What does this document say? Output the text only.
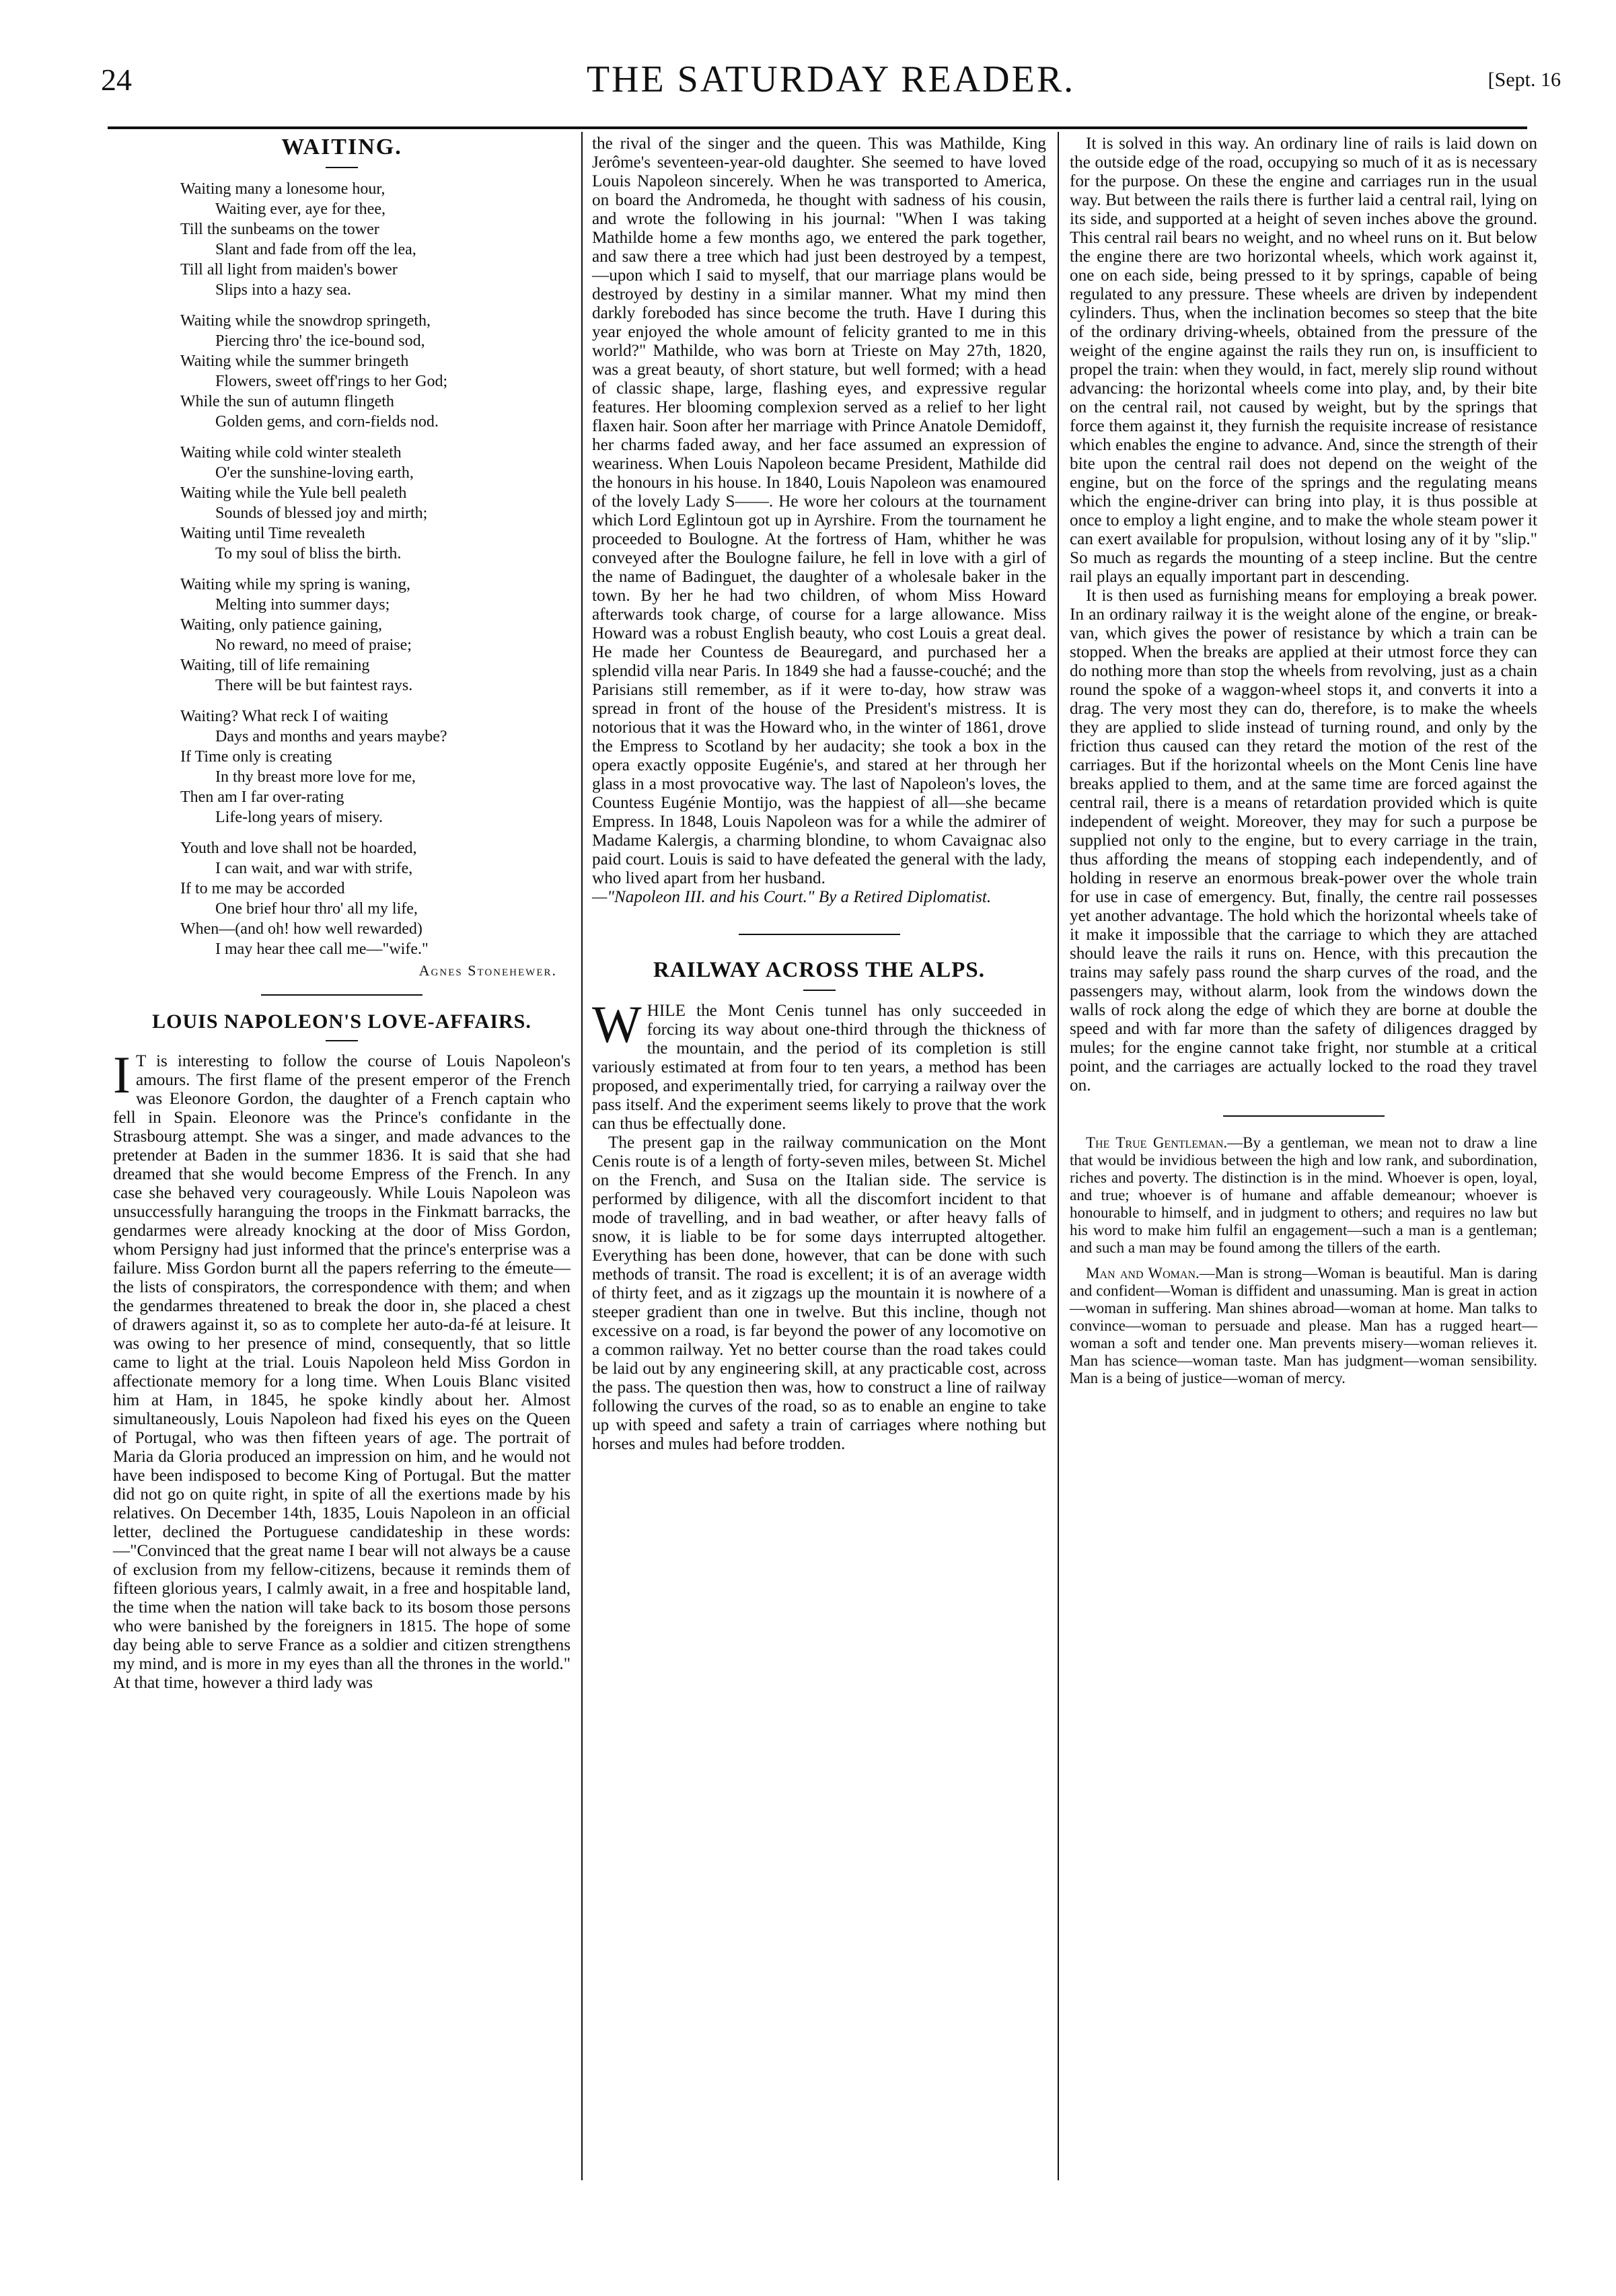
24	THE SATURDAY READER.	[Sept. 16
WAITING.
Waiting many a lonesome hour,
Waiting ever, aye for thee,
Till the sunbeams on the tower
Slant and fade from off the lea,
Till all light from maiden's bower
Slips into a hazy sea.
Waiting while the snowdrop springeth,
Piercing thro' the ice-bound sod,
Waiting while the summer bringeth
Flowers, sweet off'rings to her God;
While the sun of autumn flingeth
Golden gems, and corn-fields nod.
Waiting while cold winter stealeth
O'er the sunshine-loving earth,
Waiting while the Yule bell pealeth
Sounds of blessed joy and mirth;
Waiting until Time revealeth
To my soul of bliss the birth.
Waiting while my spring is waning,
Melting into summer days;
Waiting, only patience gaining,
No reward, no meed of praise;
Waiting, till of life remaining
There will be but faintest rays.
Waiting? What reck I of waiting
Days and months and years maybe?
If Time only is creating
In thy breast more love for me,
Then am I far over-rating
Life-long years of misery.
Youth and love shall not be hoarded,
I can wait, and war with strife,
If to me may be accorded
One brief hour thro' all my life,
When—(and oh! how well rewarded)
I may hear thee call me—"wife."

Agnes Stonehewer.

LOUIS NAPOLEON'S LOVE-AFFAIRS.

I T is interesting to follow the course of Louis Napoleon's amours. The first flame of the present emperor of the French was Eleonore Gordon, the daughter of a French captain who fell in Spain. Eleonore was the Prince's confidante in the Strasbourg attempt. She was a singer, and made advances to the pretender at Baden in the summer 1836. It is said that she had dreamed that she would become Empress of the French. In any case she behaved very courageously. While Louis Napoleon was unsuccessfully haranguing the troops in the Finkmatt barracks, the gendarmes were already knocking at the door of Miss Gordon, whom Persigny had just informed that the prince's enterprise was a failure. Miss Gordon burnt all the papers referring to the émeute—the lists of conspirators, the correspondence with them; and when the gendarmes threatened to break the door in, she placed a chest of drawers against it, so as to complete her auto-da-fé at leisure. It was owing to her presence of mind, consequently, that so little came to light at the trial. Louis Napoleon held Miss Gordon in affectionate memory for a long time. When Louis Blanc visited him at Ham, in 1845, he spoke kindly about her. Almost simultaneously, Louis Napoleon had fixed his eyes on the Queen of Portugal, who was then fifteen years of age. The portrait of Maria da Gloria produced an impression on him, and he would not have been indisposed to become King of Portugal. But the matter did not go on quite right, in spite of all the exertions made by his relatives. On December 14th, 1835, Louis Napoleon in an official letter, declined the Portuguese candidateship in these words:—"Convinced that the great name I bear will not always be a cause of exclusion from my fellow-citizens, because it reminds them of fifteen glorious years, I calmly await, in a free and hospitable land, the time when the nation will take back to its bosom those persons who were banished by the foreigners in 1815. The hope of some day being able to serve France as a soldier and citizen strengthens my mind, and is more in my eyes than all the thrones in the world." At that time, however a third lady was

the rival of the singer and the queen. This was Mathilde, King Jerôme's seventeen-year-old daughter. She seemed to have loved Louis Napoleon sincerely. When he was transported to America, on board the Andromeda, he thought with sadness of his cousin, and wrote the following in his journal: "When I was taking Mathilde home a few months ago, we entered the park together, and saw there a tree which had just been destroyed by a tempest,—upon which I said to myself, that our marriage plans would be destroyed by destiny in a similar manner. What my mind then darkly foreboded has since become the truth. Have I during this year enjoyed the whole amount of felicity granted to me in this world?" Mathilde, who was born at Trieste on May 27th, 1820, was a great beauty, of short stature, but well formed; with a head of classic shape, large, flashing eyes, and expressive regular features. Her blooming complexion served as a relief to her light flaxen hair. Soon after her marriage with Prince Anatole Demidoff, her charms faded away, and her face assumed an expression of weariness. When Louis Napoleon became President, Mathilde did the honours in his house. In 1840, Louis Napoleon was enamoured of the lovely Lady S——. He wore her colours at the tournament which Lord Eglintoun got up in Ayrshire. From the tournament he proceeded to Boulogne. At the fortress of Ham, whither he was conveyed after the Boulogne failure, he fell in love with a girl of the name of Badinguet, the daughter of a wholesale baker in the town. By her he had two children, of whom Miss Howard afterwards took charge, of course for a large allowance. Miss Howard was a robust English beauty, who cost Louis a great deal. He made her Countess de Beauregard, and purchased her a splendid villa near Paris. In 1849 she had a fausse-couché; and the Parisians still remember, as if it were to-day, how straw was spread in front of the house of the President's mistress. It is notorious that it was the Howard who, in the winter of 1861, drove the Empress to Scotland by her audacity; she took a box in the opera exactly opposite Eugénie's, and stared at her through her glass in a most provocative way. The last of Napoleon's loves, the Countess Eugénie Montijo, was the happiest of all—she became Empress. In 1848, Louis Napoleon was for a while the admirer of Madame Kalergis, a charming blondine, to whom Cavaignac also paid court. Louis is said to have defeated the general with the lady, who lived apart from her husband.

—"Napoleon III. and his Court." By a Retired Diplomatist.

RAILWAY ACROSS THE ALPS.

WHILE the Mont Cenis tunnel has only succeeded in forcing its way about one-third through the thickness of the mountain, and the period of its completion is still variously estimated at from four to ten years, a method has been proposed, and experimentally tried, for carrying a railway over the pass itself. And the experiment seems likely to prove that the work can thus be effectually done.

The present gap in the railway communication on the Mont Cenis route is of a length of forty-seven miles, between St. Michel on the French, and Susa on the Italian side. The service is performed by diligence, with all the discomfort incident to that mode of travelling, and in bad weather, or after heavy falls of snow, it is liable to be for some days interrupted altogether. Everything has been done, however, that can be done with such methods of transit. The road is excellent; it is of an average width of thirty feet, and as it zigzags up the mountain it is nowhere of a steeper gradient than one in twelve. But this incline, though not excessive on a road, is far beyond the power of any locomotive on a common railway. Yet no better course than the road takes could be laid out by any engineering skill, at any practicable cost, across the pass. The question then was, how to construct a line of railway following the curves of the road, so as to enable an engine to take up with speed and safety a train of carriages where nothing but horses and mules had before trodden.

It is solved in this way. An ordinary line of rails is laid down on the outside edge of the road, occupying so much of it as is necessary for the purpose. On these the engine and carriages run in the usual way. But between the rails there is further laid a central rail, lying on its side, and supported at a height of seven inches above the ground. This central rail bears no weight, and no wheel runs on it. But below the engine there are two horizontal wheels, which work against it, one on each side, being pressed to it by springs, capable of being regulated to any pressure. These wheels are driven by independent cylinders. Thus, when the inclination becomes so steep that the bite of the ordinary driving-wheels, obtained from the pressure of the weight of the engine against the rails they run on, is insufficient to propel the train: when they would, in fact, merely slip round without advancing: the horizontal wheels come into play, and, by their bite on the central rail, not caused by weight, but by the springs that force them against it, they furnish the requisite increase of resistance which enables the engine to advance. And, since the strength of their bite upon the central rail does not depend on the weight of the engine, but on the force of the springs and the regulating means which the engine-driver can bring into play, it is thus possible at once to employ a light engine, and to make the whole steam power it can exert available for propulsion, without losing any of it by "slip." So much as regards the mounting of a steep incline. But the centre rail plays an equally important part in descending.

It is then used as furnishing means for employing a break power. In an ordinary railway it is the weight alone of the engine, or break-van, which gives the power of resistance by which a train can be stopped. When the breaks are applied at their utmost force they can do nothing more than stop the wheels from revolving, just as a chain round the spoke of a waggon-wheel stops it, and converts it into a drag. The very most they can do, therefore, is to make the wheels they are applied to slide instead of turning round, and only by the friction thus caused can they retard the motion of the rest of the carriages. But if the horizontal wheels on the Mont Cenis line have breaks applied to them, and at the same time are forced against the central rail, there is a means of retardation provided which is quite independent of weight. Moreover, they may for such a purpose be supplied not only to the engine, but to every carriage in the train, thus affording the means of stopping each independently, and of holding in reserve an enormous break-power over the whole train for use in case of emergency. But, finally, the centre rail possesses yet another advantage. The hold which the horizontal wheels take of it make it impossible that the carriage to which they are attached should leave the rails it runs on. Hence, with this precaution the trains may safely pass round the sharp curves of the road, and the passengers may, without alarm, look from the windows down the walls of rock along the edge of which they are borne at double the speed and with far more than the safety of diligences dragged by mules; for the engine cannot take fright, nor stumble at a critical point, and the carriages are actually locked to the road they travel on.

The True Gentleman.—By a gentleman, we mean not to draw a line that would be invidious between the high and low rank, and subordination, riches and poverty. The distinction is in the mind. Whoever is open, loyal, and true; whoever is of humane and affable demeanour; whoever is honourable to himself, and in judgment to others; and requires no law but his word to make him fulfil an engagement—such a man is a gentleman; and such a man may be found among the tillers of the earth.

Man and Woman.—Man is strong—Woman is beautiful. Man is daring and confident—Woman is diffident and unassuming. Man is great in action—woman in suffering. Man shines abroad—woman at home. Man talks to convince—woman to persuade and please. Man has a rugged heart—woman a soft and tender one. Man prevents misery—woman relieves it. Man has science—woman taste. Man has judgment—woman sensibility. Man is a being of justice—woman of mercy.
